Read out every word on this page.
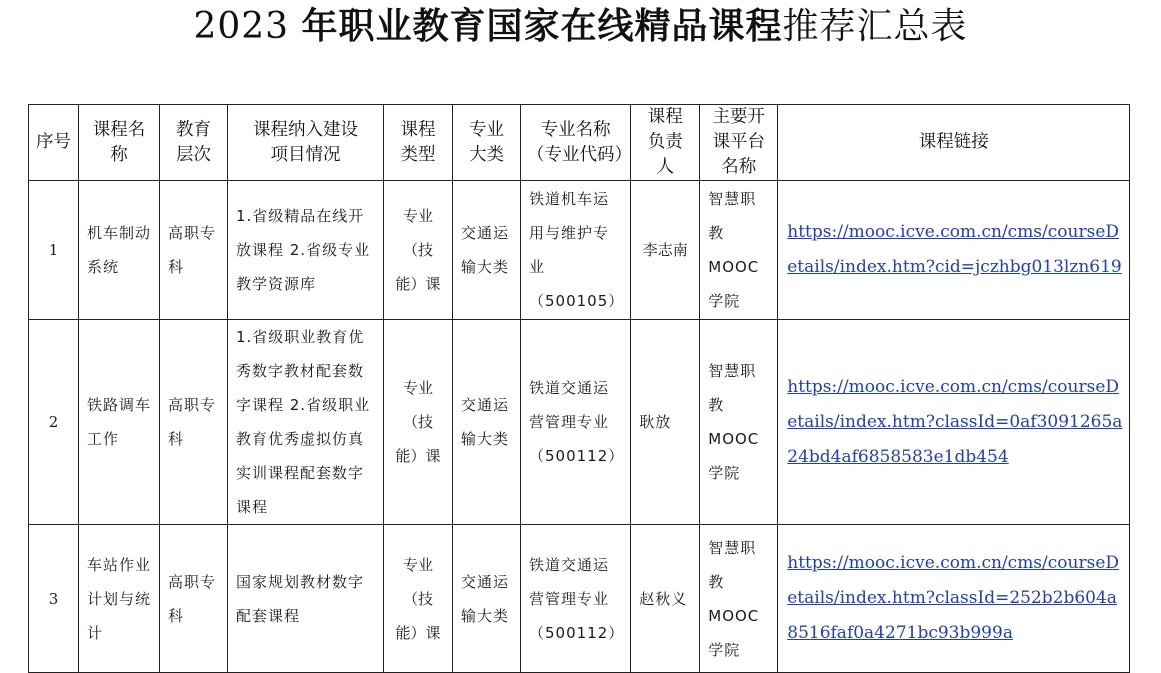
2023 年职业教育国家在线精品课程推荐汇总表
序号	课程名称	教育层次	课程纳入建设项目情况	课程类型	专业大类	专业名称（专业代码）	课程负责人	主要开课平台名称	课程链接
1	机车制动系统	高职专科	1.省级精品在线开放课程 2.省级专业教学资源库	专业（技能）课	交通运输大类	铁道机车运用与维护专业（500105）	李志南	智慧职教MOOC学院	https://mooc.icve.com.cn/cms/courseDetails/index.htm?cid=jczhbg013lzn619
2	铁路调车工作	高职专科	1.省级职业教育优秀数字教材配套数字课程 2.省级职业教育优秀虚拟仿真实训课程配套数字课程	专业（技能）课	交通运输大类	铁道交通运营管理专业（500112）	耿放	智慧职教MOOC学院	https://mooc.icve.com.cn/cms/courseDetails/index.htm?classId=0af3091265a24bd4af6858583e1db454
3	车站作业计划与统计	高职专科	国家规划教材数字配套课程	专业（技能）课	交通运输大类	铁道交通运营管理专业（500112）	赵秋义	智慧职教MOOC学院	https://mooc.icve.com.cn/cms/courseDetails/index.htm?classId=252b2b604a8516faf0a4271bc93b999a
